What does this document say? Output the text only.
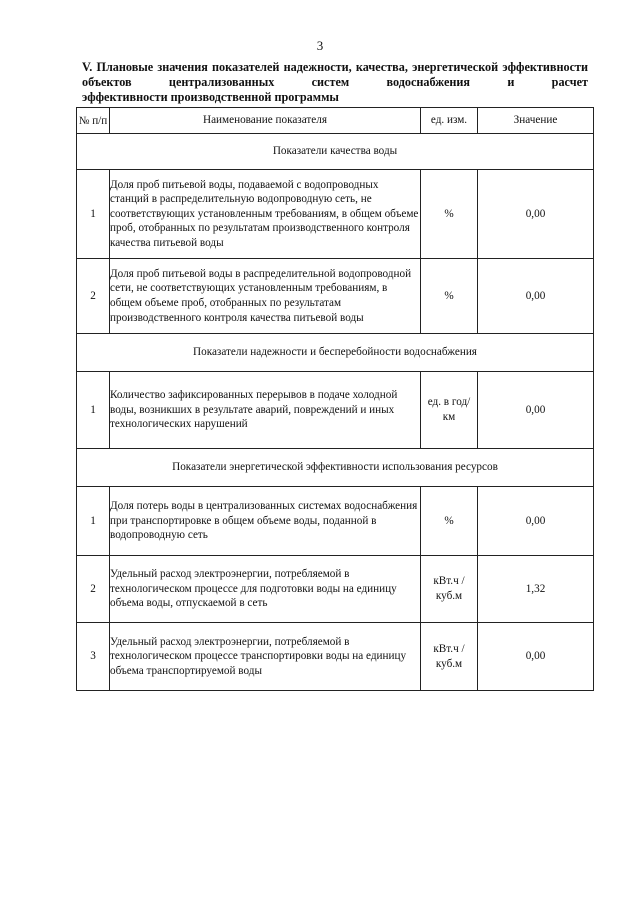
3
V. Плановые значения показателей надежности, качества, энергетической эффективности объектов централизованных систем водоснабжения и расчет
эффективности производственной программы
№ п/п	Наименование показателя	ед. изм.	Значение
Показатели качества воды			
1	Доля проб питьевой воды, подаваемой с водопроводных станций в распределительную водопроводную сеть, не соответствующих установленным требованиям, в общем объеме проб, отобранных по результатам производственного контроля качества питьевой воды	%	0,00
2	Доля проб питьевой воды в распределительной водопроводной сети, не соответствующих установленным требованиям, в общем объеме проб, отобранных по результатам производственного контроля качества питьевой воды	%	0,00
Показатели надежности и бесперебойности водоснабжения			
1	Количество зафиксированных перерывов в подаче холодной воды, возникших в результате аварий, повреждений и иных технологических нарушений	ед. в год/ км	0,00
Показатели энергетической эффективности использования ресурсов			
1	Доля потерь воды в централизованных системах водоснабжения при транспортировке в общем объеме воды, поданной в водопроводную сеть	%	0,00
2	Удельный расход электроэнергии, потребляемой в технологическом процессе для подготовки воды на единицу объема воды, отпускаемой в сеть	кВт.ч / куб.м	1,32
3	Удельный расход электроэнергии, потребляемой в технологическом процессе транспортировки воды на единицу объема транспортируемой воды	кВт.ч / куб.м	0,00
